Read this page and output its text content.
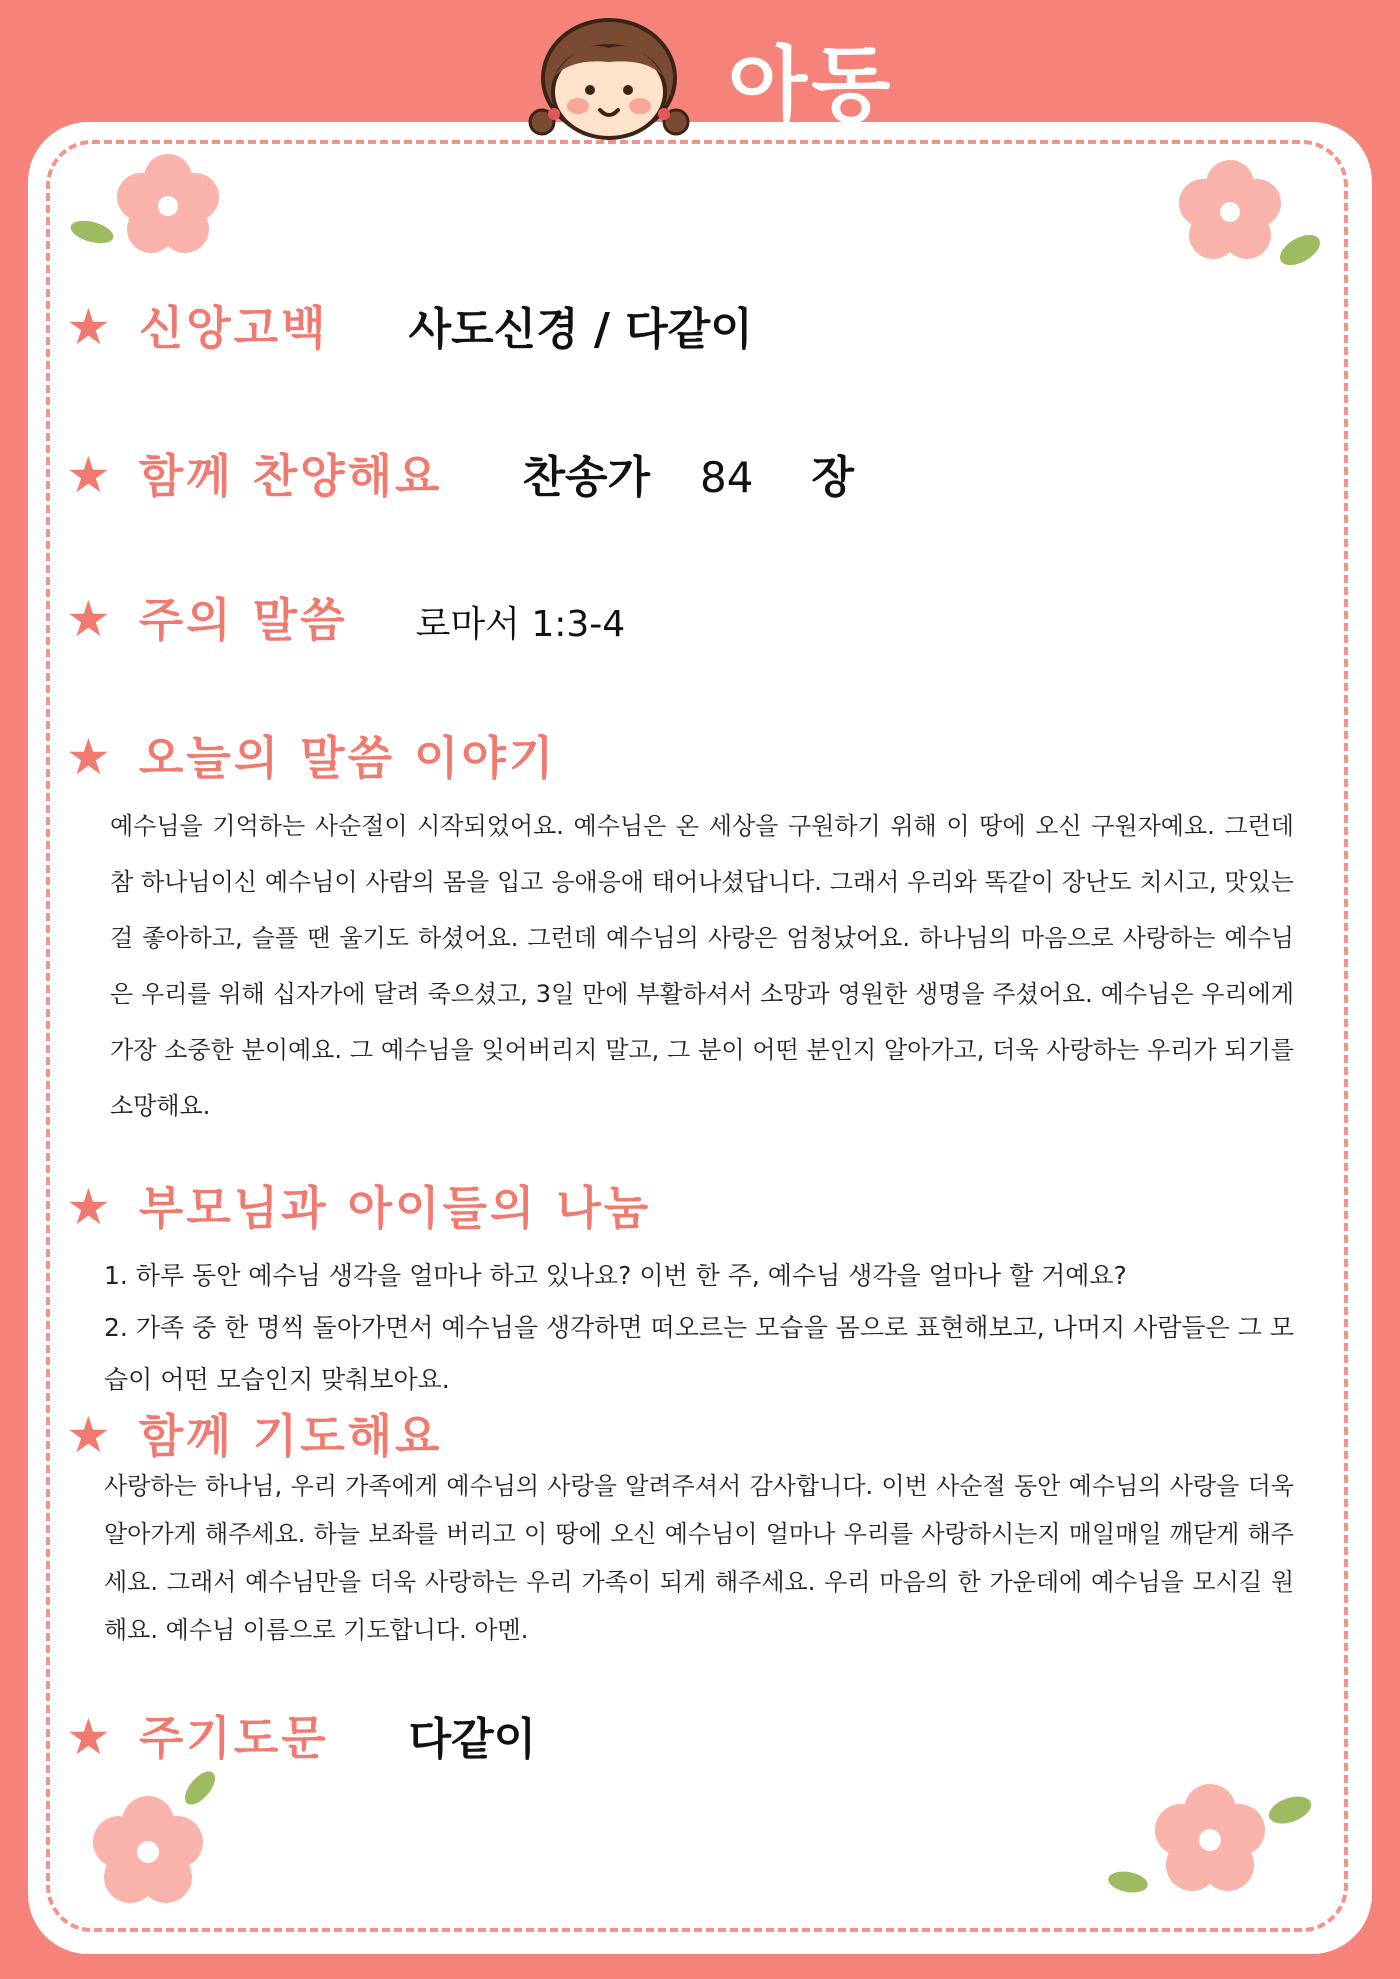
아동
★ 신앙고백 사도신경 / 다같이
★ 함께 찬양해요 찬송가 84 장
★ 주의 말씀 로마서 1:3-4
★ 오늘의 말씀 이야기
예수님을 기억하는 사순절이 시작되었어요. 예수님은 온 세상을 구원하기 위해 이 땅에 오신 구원자예요. 그런데 참 하나님이신 예수님이 사람의 몸을 입고 응애응애 태어나셨답니다. 그래서 우리와 똑같이 장난도 치시고, 맛있는걸 좋아하고, 슬플 땐 울기도 하셨어요. 그런데 예수님의 사랑은 엄청났어요. 하나님의 마음으로 사랑하는 예수님은 우리를 위해 십자가에 달려 죽으셨고, 3일 만에 부활하셔서 소망과 영원한 생명을 주셨어요. 예수님은 우리에게 가장 소중한 분이예요. 그 예수님을 잊어버리지 말고, 그 분이 어떤 분인지 알아가고, 더욱 사랑하는 우리가 되기를 소망해요.
★ 부모님과 아이들의 나눔
1. 하루 동안 예수님 생각을 얼마나 하고 있나요? 이번 한 주, 예수님 생각을 얼마나 할 거예요?
2. 가족 중 한 명씩 돌아가면서 예수님을 생각하면 떠오르는 모습을 몸으로 표현해보고, 나머지 사람들은 그 모습이 어떤 모습인지 맞춰보아요.
★ 함께 기도해요
사랑하는 하나님, 우리 가족에게 예수님의 사랑을 알려주셔서 감사합니다. 이번 사순절 동안 예수님의 사랑을 더욱 알아가게 해주세요. 하늘 보좌를 버리고 이 땅에 오신 예수님이 얼마나 우리를 사랑하시는지 매일매일 깨닫게 해주세요. 그래서 예수님만을 더욱 사랑하는 우리 가족이 되게 해주세요. 우리 마음의 한 가운데에 예수님을 모시길 원해요. 예수님 이름으로 기도합니다. 아멘.
★ 주기도문 다같이
